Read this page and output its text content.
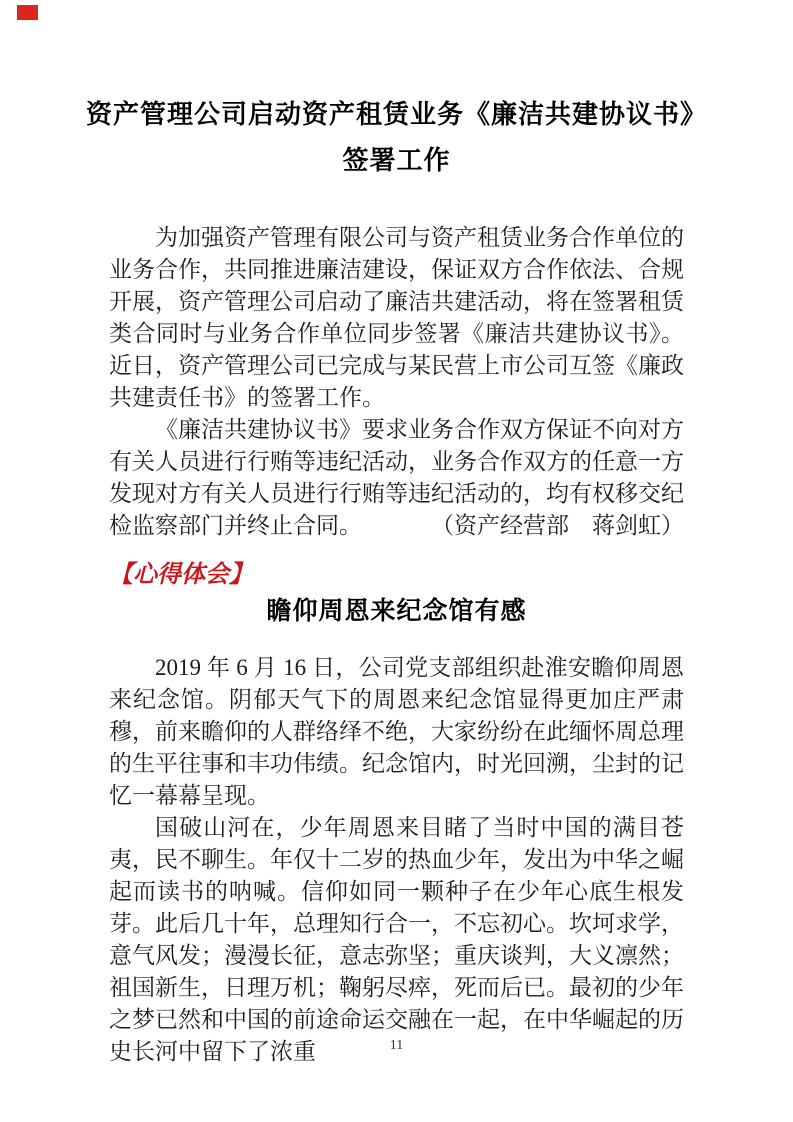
资产管理公司启动资产租赁业务《廉洁共建协议书》
签署工作

为加强资产管理有限公司与资产租赁业务合作单位的业务合作，共同推进廉洁建设，保证双方合作依法、合规开展，资产管理公司启动了廉洁共建活动，将在签署租赁类合同时与业务合作单位同步签署《廉洁共建协议书》。近日，资产管理公司已完成与某民营上市公司互签《廉政共建责任书》的签署工作。

《廉洁共建协议书》要求业务合作双方保证不向对方有关人员进行行贿等违纪活动，业务合作双方的任意一方发现对方有关人员进行行贿等违纪活动的，均有权移交纪检监察部门并终止合同。	（资产经营部　蒋剑虹）

【心得体会】

瞻仰周恩来纪念馆有感

2019 年 6 月 16 日，公司党支部组织赴淮安瞻仰周恩来纪念馆。阴郁天气下的周恩来纪念馆显得更加庄严肃穆，前来瞻仰的人群络绎不绝，大家纷纷在此缅怀周总理的生平往事和丰功伟绩。纪念馆内，时光回溯，尘封的记忆一幕幕呈现。

国破山河在，少年周恩来目睹了当时中国的满目苍夷，民不聊生。年仅十二岁的热血少年，发出为中华之崛起而读书的呐喊。信仰如同一颗种子在少年心底生根发芽。此后几十年，总理知行合一，不忘初心。坎坷求学，意气风发；漫漫长征，意志弥坚；重庆谈判，大义凛然；祖国新生，日理万机；鞠躬尽瘁，死而后已。最初的少年之梦已然和中国的前途命运交融在一起，在中华崛起的历史长河中留下了浓重	11
